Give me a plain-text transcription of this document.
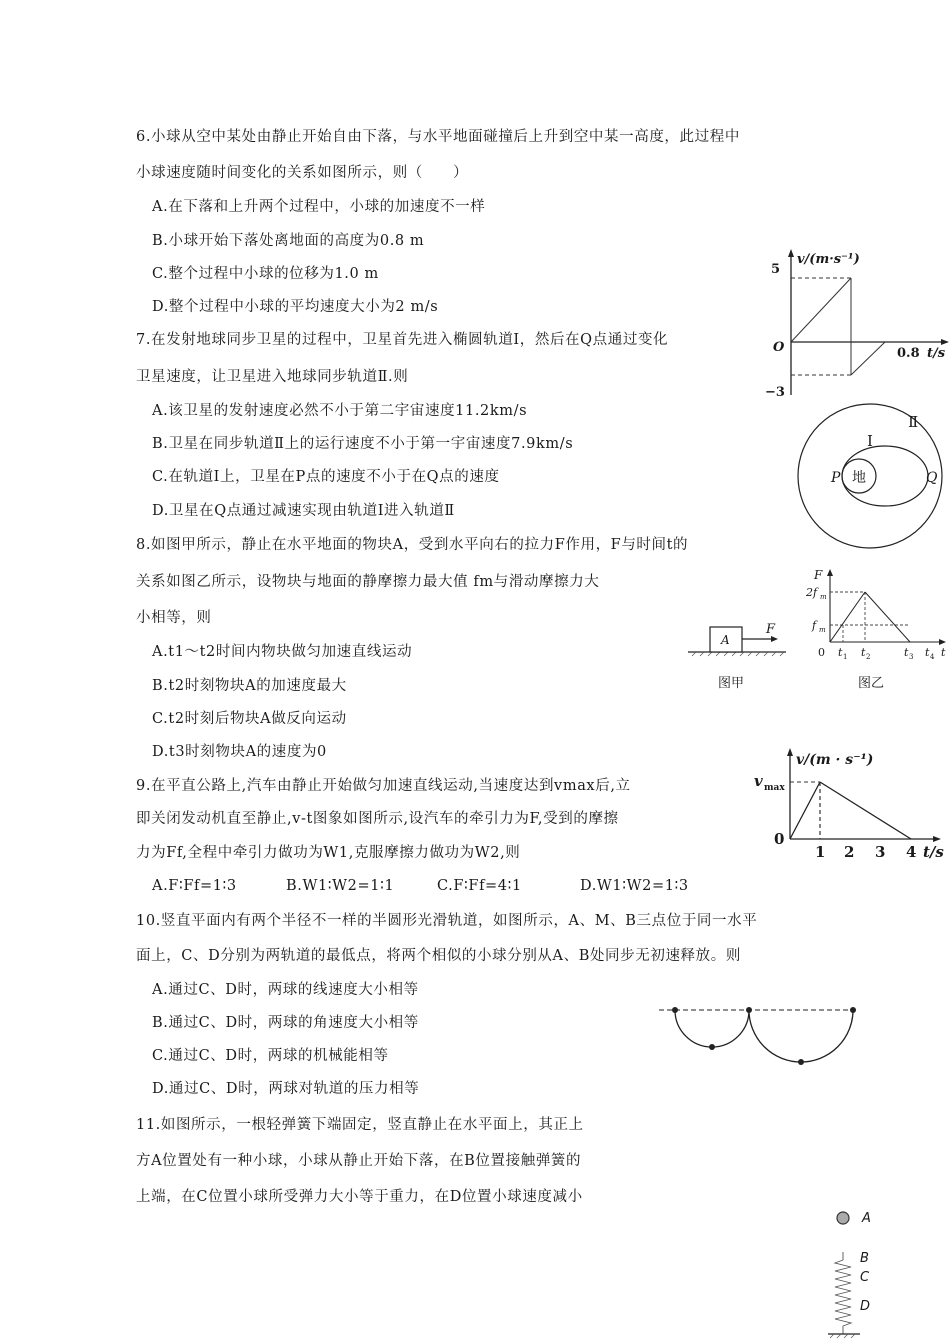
6.小球从空中某处由静止开始自由下落，与水平地面碰撞后上升到空中某一高度，此过程中
小球速度随时间变化的关系如图所示，则（　　）
A.在下落和上升两个过程中，小球的加速度不一样
B.小球开始下落处离地面的高度为0.8 m
C.整个过程中小球的位移为1.0 m
D.整个过程中小球的平均速度大小为2 m/s
5
v/(m·s⁻¹)
O	0.8 t/s
−3
7.在发射地球同步卫星的过程中，卫星首先进入椭圆轨道Ⅰ，然后在Q点通过变化
卫星速度，让卫星进入地球同步轨道Ⅱ.则
A.该卫星的发射速度必然不小于第二宇宙速度11.2km/s
B.卫星在同步轨道Ⅱ上的运行速度不小于第一宇宙速度7.9km/s
C.在轨道Ⅰ上，卫星在P点的速度不小于在Q点的速度
D.卫星在Q点通过减速实现由轨道Ⅰ进入轨道Ⅱ
地
Ⅱ
Ⅰ
P	Q
8.如图甲所示，静止在水平地面的物块A，受到水平向右的拉力F作用，F与时间t的
关系如图乙所示，设物块与地面的静摩擦力最大值 fm与滑动摩擦力大
小相等，则
A.t1～t2时间内物块做匀加速直线运动
B.t2时刻物块A的加速度最大
C.t2时刻后物块A做反向运动
D.t3时刻物块A的速度为0
A
F
图甲
F
2f m
f m
0 t 1 t 2	t 3 t 4 t
图乙
9.在平直公路上,汽车由静止开始做匀加速直线运动,当速度达到vmax后,立
即关闭发动机直至静止,v-t图象如图所示,设汽车的牵引力为F,受到的摩擦
力为Ff,全程中牵引力做功为W1,克服摩擦力做功为W2,则
A.F∶Ff=1∶3	B.W1∶W2=1∶1	C.F∶Ff=4∶1	D.W1∶W2=1∶3
v/(m · s⁻¹)
v max
0
1 2 3 4 t/s
10.竖直平面内有两个半径不一样的半圆形光滑轨道，如图所示，A、M、B三点位于同一水平
面上，C、D分别为两轨道的最低点，将两个相似的小球分别从A、B处同步无初速释放。则
A.通过C、D时，两球的线速度大小相等
B.通过C、D时，两球的角速度大小相等
C.通过C、D时，两球的机械能相等
D.通过C、D时，两球对轨道的压力相等
11.如图所示，一根轻弹簧下端固定，竖直静止在水平面上，其正上
方A位置处有一种小球，小球从静止开始下落，在B位置接触弹簧的
上端，在C位置小球所受弹力大小等于重力，在D位置小球速度减小
A
B
C
D
